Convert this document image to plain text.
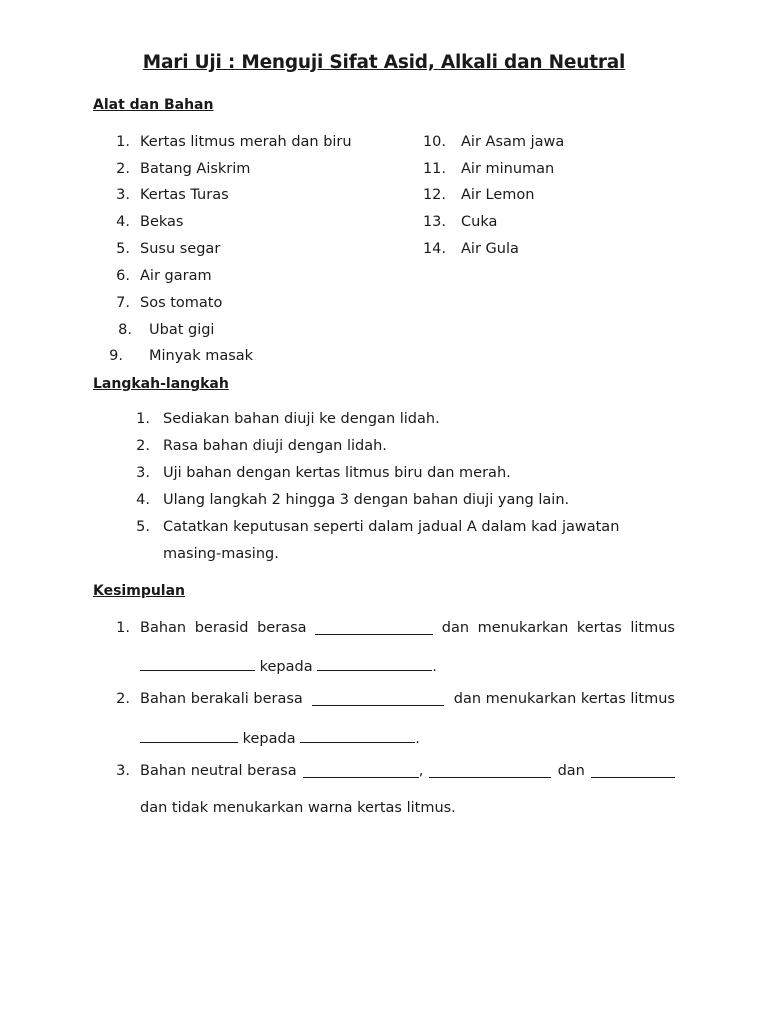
Mari Uji : Menguji Sifat Asid, Alkali dan Neutral
Alat dan Bahan
1. Kertas litmus merah dan biru
2. Batang Aiskrim
3. Kertas Turas
4. Bekas
5. Susu segar
6. Air garam
7. Sos tomato
8. Ubat gigi
9. Minyak masak
10. Air Asam jawa
11. Air minuman
12. Air Lemon
13. Cuka
14. Air Gula
Langkah-langkah
1. Sediakan bahan diuji ke dengan lidah.
2. Rasa bahan diuji dengan lidah.
3. Uji bahan dengan kertas litmus biru dan merah.
4. Ulang langkah 2 hingga 3 dengan bahan diuji yang lain.
5. Catatkan keputusan seperti dalam jadual A dalam kad jawatan
masing-masing.
Kesimpulan
1. Bahan berasid berasa	dan menukarkan kertas litmus
kepada	.
2. Bahan berakali berasa	dan menukarkan kertas litmus
kepada	.
3. Bahan neutral berasa	,	dan
dan tidak menukarkan warna kertas litmus.
